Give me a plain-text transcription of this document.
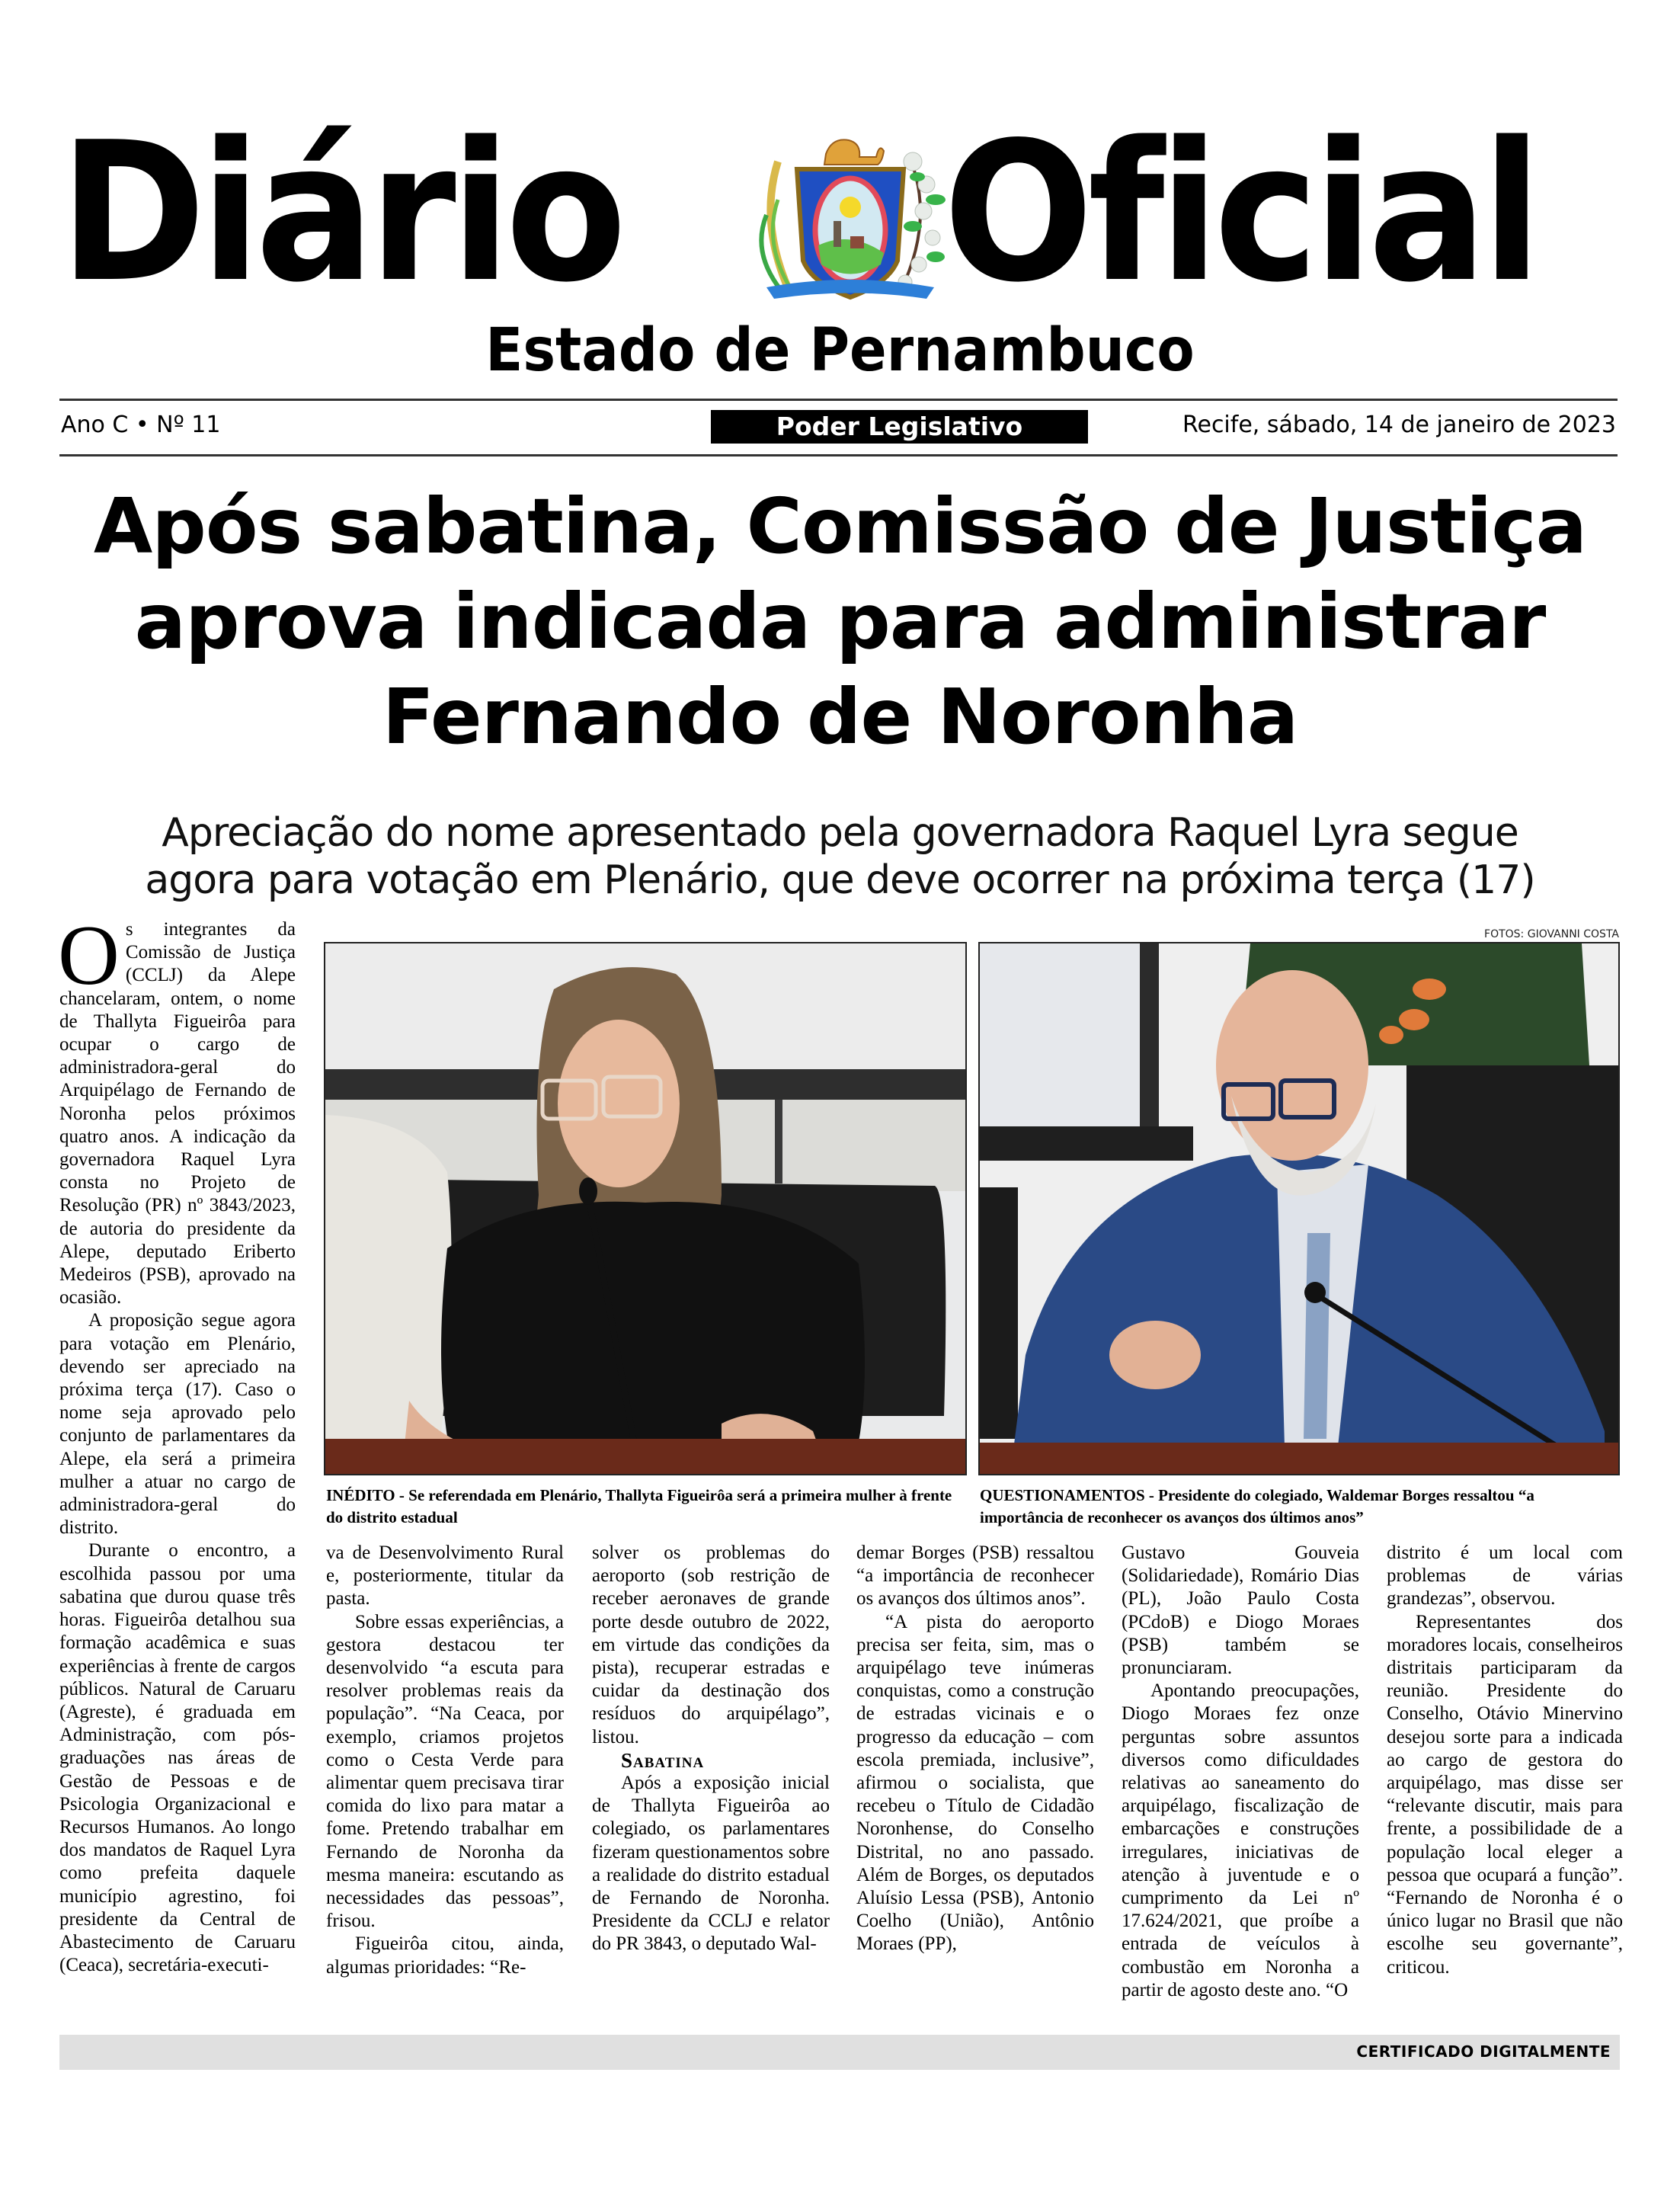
Diário Oficial
Estado de Pernambuco
Ano C • Nº 11	Poder Legislativo	Recife, sábado, 14 de janeiro de 2023
Após sabatina, Comissão de Justiça
aprova indicada para administrar
Fernando de Noronha
Apreciação do nome apresentado pela governadora Raquel Lyra segue
agora para votação em Plenário, que deve ocorrer na próxima terça (17)
FOTOS: GIOVANNI COSTA
INÉDITO - Se referendada em Plenário, Thallyta Figueirôa será a primeira mulher à frente do distrito estadual
QUESTIONAMENTOS - Presidente do colegiado, Waldemar Borges ressaltou “a importância de reconhecer os avanços dos últimos anos”

Os integrantes da Comissão de Justiça (CCLJ) da Alepe chancelaram, ontem, o nome de Thallyta Figueirôa para ocupar o cargo de administradora-geral do Arquipélago de Fernando de Noronha pelos próximos quatro anos. A indicação da governadora Raquel Lyra consta no Projeto de Resolução (PR) nº 3843/2023, de autoria do presidente da Alepe, deputado Eriberto Medeiros (PSB), aprovado na ocasião.

A proposição segue agora para votação em Plenário, devendo ser apreciado na próxima terça (17). Caso o nome seja aprovado pelo conjunto de parlamentares da Alepe, ela será a primeira mulher a atuar no cargo de administradora-geral do distrito.

Durante o encontro, a escolhida passou por uma sabatina que durou quase três horas. Figueirôa detalhou sua formação acadêmica e suas experiências à frente de cargos públicos. Natural de Caruaru (Agreste), é graduada em Administração, com pós-graduações nas áreas de Gestão de Pessoas e de Psicologia Organizacional e Recursos Humanos. Ao longo dos mandatos de Raquel Lyra como prefeita daquele município agrestino, foi presidente da Central de Abastecimento de Caruaru (Ceaca), secretária-executi-

va de Desenvolvimento Rural e, posteriormente, titular da pasta.

Sobre essas experiências, a gestora destacou ter desenvolvido “a escuta para resolver problemas reais da população”. “Na Ceaca, por exemplo, criamos projetos como o Cesta Verde para alimentar quem precisava tirar comida do lixo para matar a fome. Pretendo trabalhar em Fernando de Noronha da mesma maneira: escutando as necessidades das pessoas”, frisou.

Figueirôa citou, ainda, algumas prioridades: “Re-

solver os problemas do aeroporto (sob restrição de receber aeronaves de grande porte desde outubro de 2022, em virtude das condições da pista), recuperar estradas e cuidar da destinação dos resíduos do arquipélago”, listou.

Sabatina

Após a exposição inicial de Thallyta Figueirôa ao colegiado, os parlamentares fizeram questionamentos sobre a realidade do distrito estadual de Fernando de Noronha. Presidente da CCLJ e relator do PR 3843, o deputado Wal-

demar Borges (PSB) ressaltou “a importância de reconhecer os avanços dos últimos anos”.

“A pista do aeroporto precisa ser feita, sim, mas o arquipélago teve inúmeras conquistas, como a construção de estradas vicinais e o progresso da educação – com escola premiada, inclusive”, afirmou o socialista, que recebeu o Título de Cidadão Noronhense, do Conselho Distrital, no ano passado. Além de Borges, os deputados Aluísio Lessa (PSB), Antonio Coelho (União), Antônio Moraes (PP),

Gustavo Gouveia (Solidariedade), Romário Dias (PL), João Paulo Costa (PCdoB) e Diogo Moraes (PSB) também se pronunciaram.

Apontando preocupações, Diogo Moraes fez onze perguntas sobre assuntos diversos como dificuldades relativas ao saneamento do arquipélago, fiscalização de embarcações e construções irregulares, iniciativas de atenção à juventude e o cumprimento da Lei nº 17.624/2021, que proíbe a entrada de veículos à combustão em Noronha a partir de agosto deste ano. “O

distrito é um local com problemas de várias grandezas”, observou.

Representantes dos moradores locais, conselheiros distritais participaram da reunião. Presidente do Conselho, Otávio Minervino desejou sorte para a indicada ao cargo de gestora do arquipélago, mas disse ser “relevante discutir, mais para frente, a possibilidade de a população local eleger a pessoa que ocupará a função”. “Fernando de Noronha é o único lugar no Brasil que não escolhe seu governante”, criticou.

CERTIFICADO DIGITALMENTE
